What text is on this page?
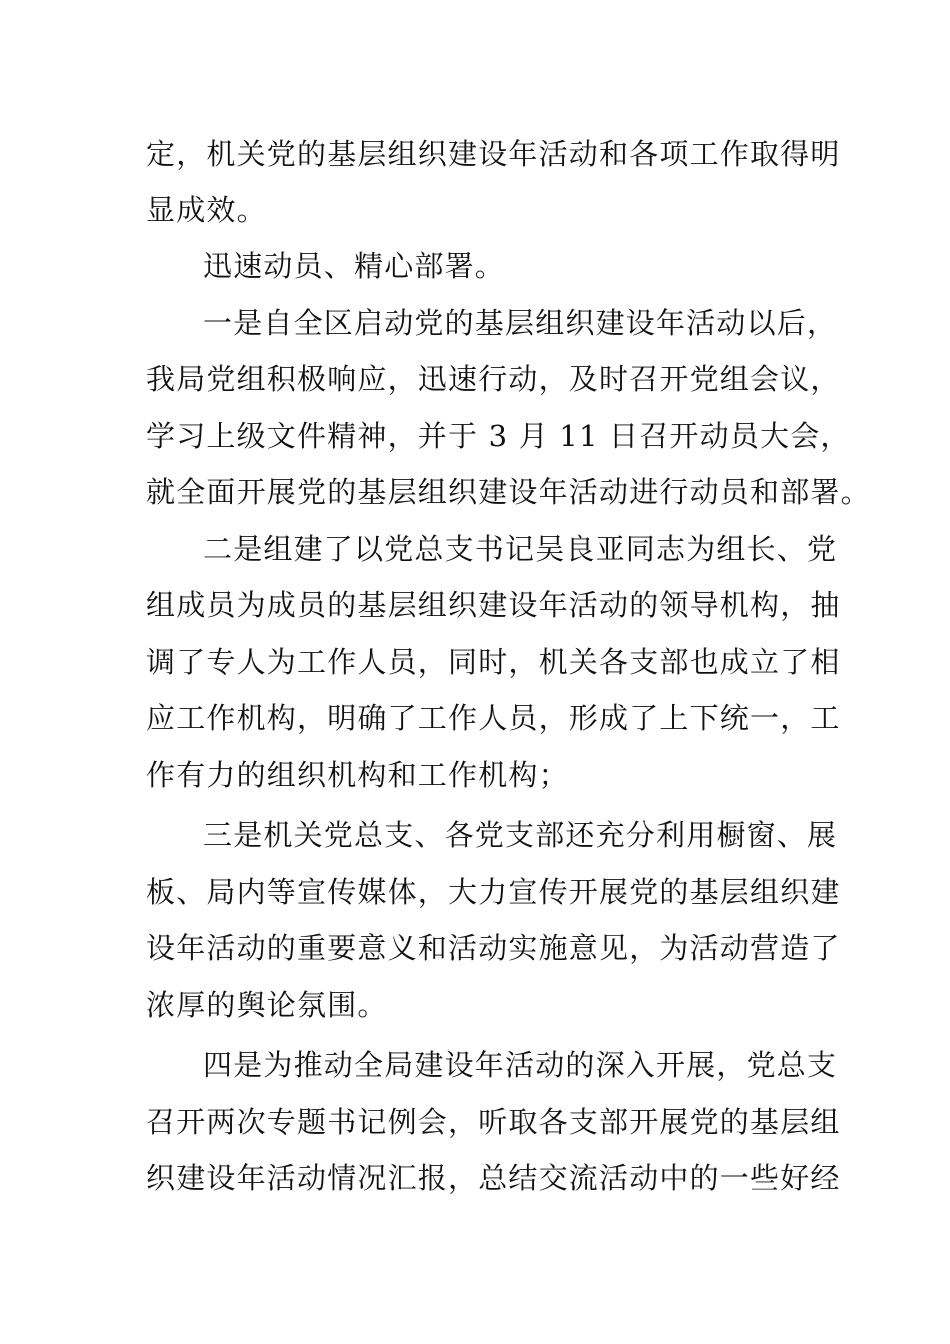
定，机关党的基层组织建设年活动和各项工作取得明
显成效。
迅速动员、精心部署。
一是自全区启动党的基层组织建设年活动以后，
我局党组积极响应，迅速行动，及时召开党组会议，
学习上级文件精神，并于 3 月 11 日召开动员大会，
就全面开展党的基层组织建设年活动进行动员和部署。
二是组建了以党总支书记吴良亚同志为组长、党
组成员为成员的基层组织建设年活动的领导机构，抽
调了专人为工作人员，同时，机关各支部也成立了相
应工作机构，明确了工作人员，形成了上下统一，工
作有力的组织机构和工作机构；
三是机关党总支、各党支部还充分利用橱窗、展
板、局内等宣传媒体，大力宣传开展党的基层组织建
设年活动的重要意义和活动实施意见，为活动营造了
浓厚的舆论氛围。
四是为推动全局建设年活动的深入开展，党总支
召开两次专题书记例会，听取各支部开展党的基层组
织建设年活动情况汇报，总结交流活动中的一些好经
